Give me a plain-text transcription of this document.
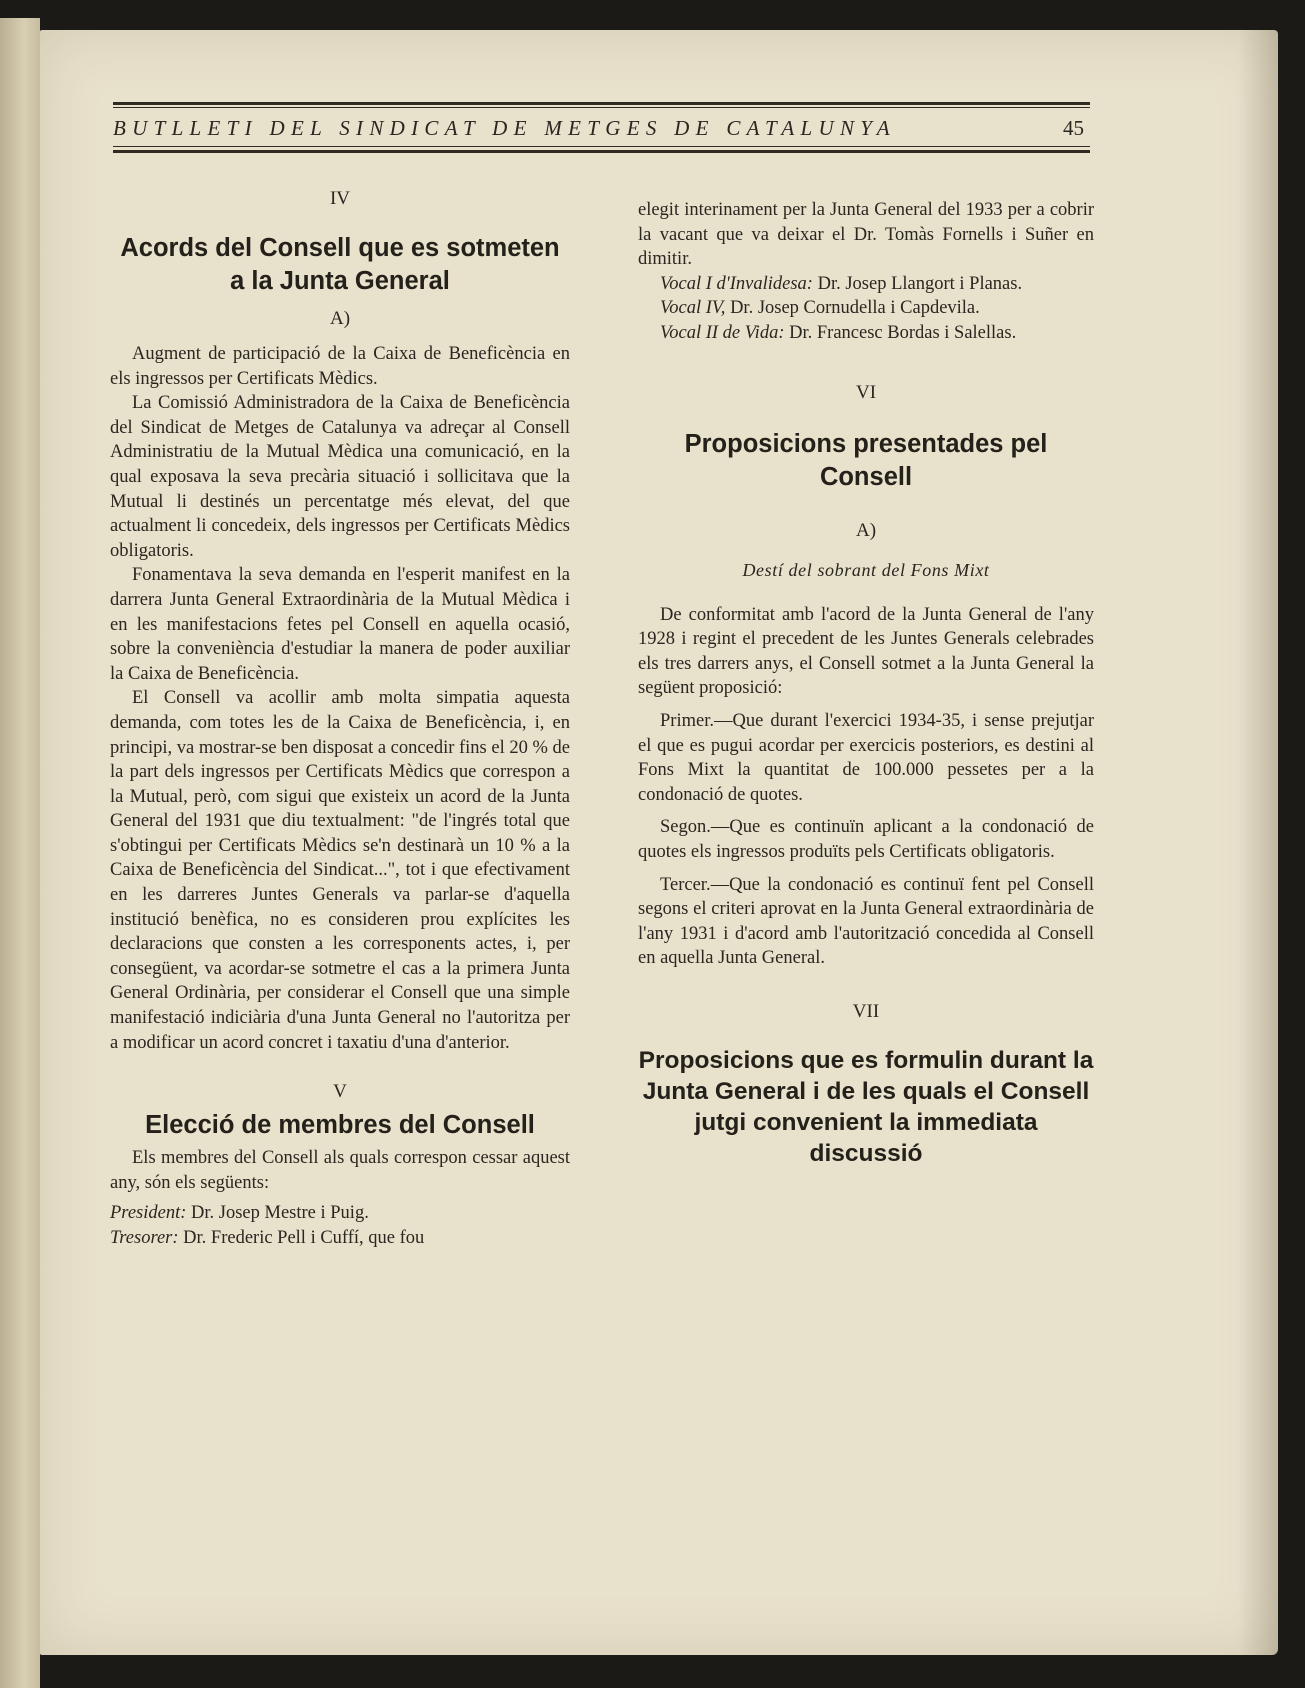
BUTLLETI DEL SINDICAT DE METGES DE CATALUNYA	45
IV
Acords del Consell que es sotmeten a la Junta General
A)

Augment de participació de la Caixa de Beneficència en els ingressos per Certificats Mèdics.

La Comissió Administradora de la Caixa de Beneficència del Sindicat de Metges de Catalunya va adreçar al Consell Administratiu de la Mutual Mèdica una comunicació, en la qual exposava la seva precària situació i sollicitava que la Mutual li destinés un percentatge més elevat, del que actualment li concedeix, dels ingressos per Certificats Mèdics obligatoris.

Fonamentava la seva demanda en l'esperit manifest en la darrera Junta General Extraordinària de la Mutual Mèdica i en les manifestacions fetes pel Consell en aquella ocasió, sobre la conveniència d'estudiar la manera de poder auxiliar la Caixa de Beneficència.

El Consell va acollir amb molta simpatia aquesta demanda, com totes les de la Caixa de Beneficència, i, en principi, va mostrar-se ben disposat a concedir fins el 20 % de la part dels ingressos per Certificats Mèdics que correspon a la Mutual, però, com sigui que existeix un acord de la Junta General del 1931 que diu textualment: "de l'ingrés total que s'obtingui per Certificats Mèdics se'n destinarà un 10 % a la Caixa de Beneficència del Sindicat...", tot i que efectivament en les darreres Juntes Generals va parlar-se d'aquella institució benèfica, no es consideren prou explícites les declaracions que consten a les corresponents actes, i, per consegüent, va acordar-se sotmetre el cas a la primera Junta General Ordinària, per considerar el Consell que una simple manifestació indiciària d'una Junta General no l'autoritza per a modificar un acord concret i taxatiu d'una d'anterior.

V
Elecció de membres del Consell

Els membres del Consell als quals correspon cessar aquest any, són els següents:

President: Dr. Josep Mestre i Puig.

Tresorer: Dr. Frederic Pell i Cuffí, que fou

elegit interinament per la Junta General del 1933 per a cobrir la vacant que va deixar el Dr. Tomàs Fornells i Suñer en dimitir.

Vocal I d'Invalidesa: Dr. Josep Llangort i Planas.

Vocal IV, Dr. Josep Cornudella i Capdevila.

Vocal II de Vida: Dr. Francesc Bordas i Salellas.

VI
Proposicions presentades pel Consell
A)
Destí del sobrant del Fons Mixt

De conformitat amb l'acord de la Junta General de l'any 1928 i regint el precedent de les Juntes Generals celebrades els tres darrers anys, el Consell sotmet a la Junta General la següent proposició:

Primer.—Que durant l'exercici 1934-35, i sense prejutjar el que es pugui acordar per exercicis posteriors, es destini al Fons Mixt la quantitat de 100.000 pessetes per a la condonació de quotes.

Segon.—Que es continuïn aplicant a la condonació de quotes els ingressos produïts pels Certificats obligatoris.

Tercer.—Que la condonació es continuï fent pel Consell segons el criteri aprovat en la Junta General extraordinària de l'any 1931 i d'acord amb l'autorització concedida al Consell en aquella Junta General.

VII
Proposicions que es formulin durant la Junta General i de les quals el Consell jutgi convenient la immediata discussió
